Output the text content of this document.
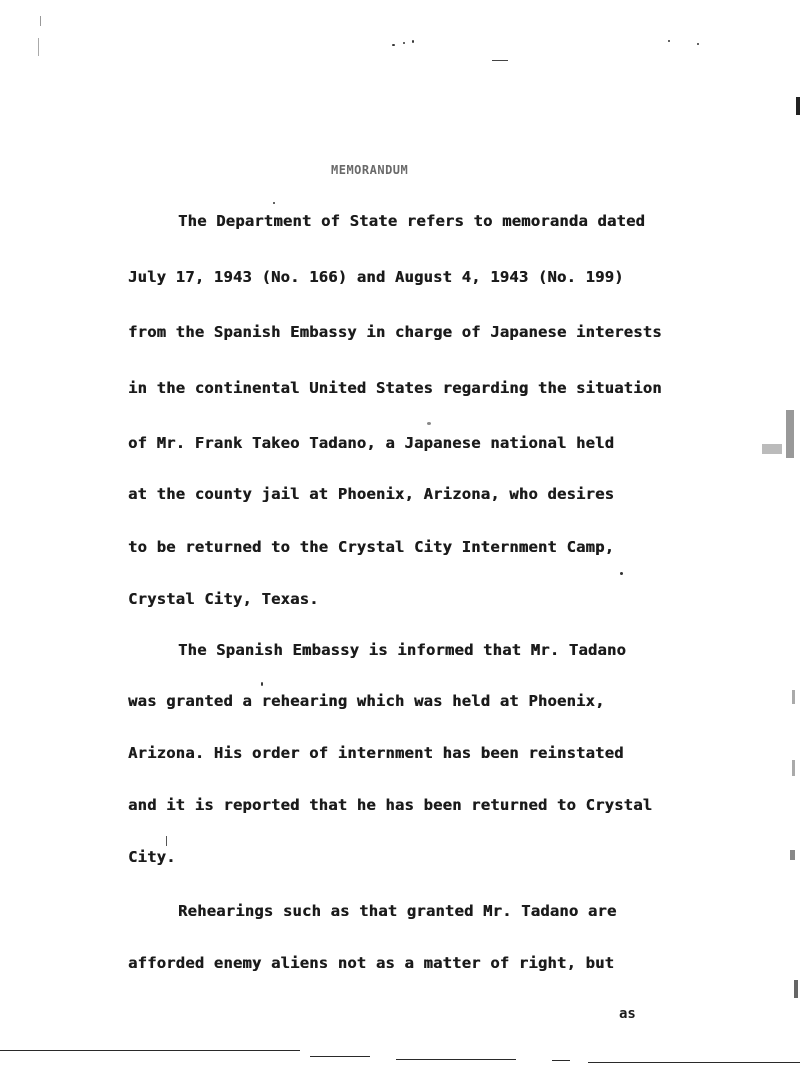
MEMORANDUM
The Department of State refers to memoranda dated
July 17, 1943 (No. 166) and August 4, 1943 (No. 199)
from the Spanish Embassy in charge of Japanese interests
in the continental United States regarding the situation
of Mr. Frank Takeo Tadano, a Japanese national held
at the county jail at Phoenix, Arizona, who desires
to be returned to the Crystal City Internment Camp,
Crystal City, Texas.
The Spanish Embassy is informed that Mr. Tadano
was granted a rehearing which was held at Phoenix,
Arizona. His order of internment has been reinstated
and it is reported that he has been returned to Crystal
City.
Rehearings such as that granted Mr. Tadano are
afforded enemy aliens not as a matter of right, but
as
